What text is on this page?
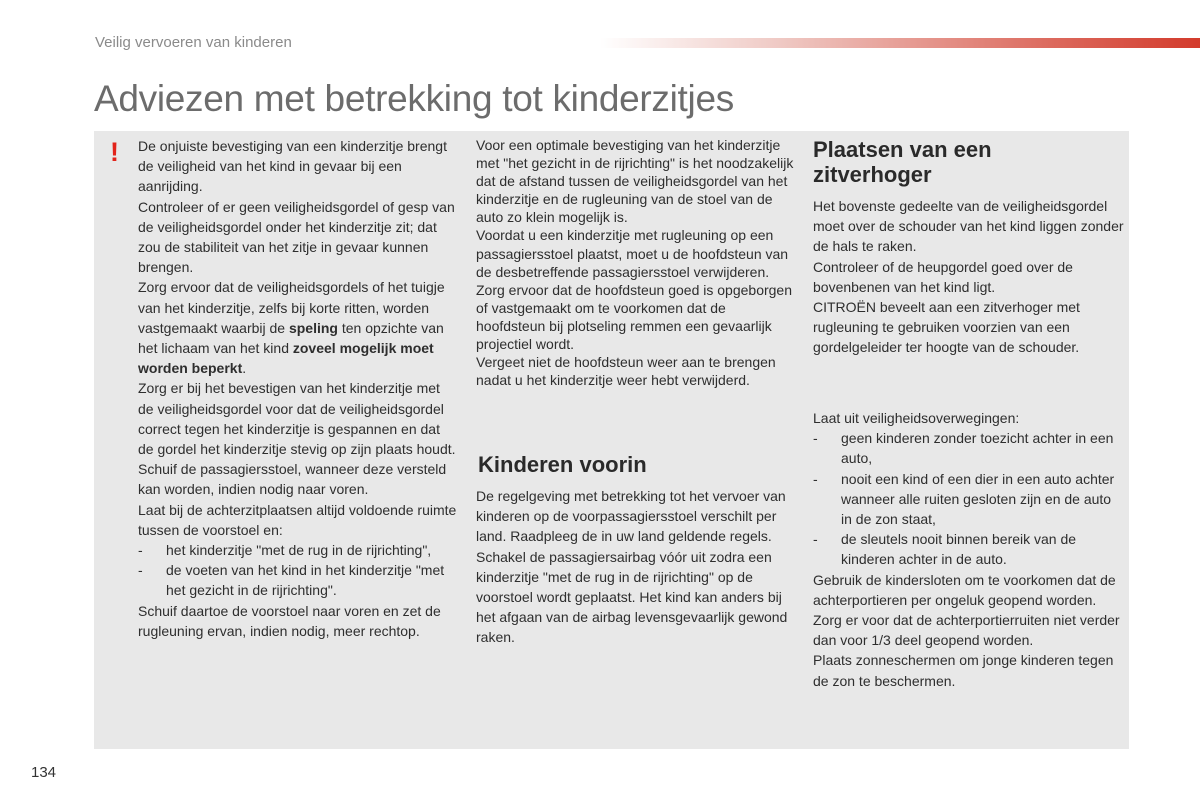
Veilig vervoeren van kinderen
Adviezen met betrekking tot kinderzitjes
! De onjuiste bevestiging van een kinderzitje brengt de veiligheid van het kind in gevaar bij een aanrijding.

Controleer of er geen veiligheidsgordel of gesp van de veiligheidsgordel onder het kinderzitje zit; dat zou de stabiliteit van het zitje in gevaar kunnen brengen.

Zorg ervoor dat de veiligheidsgordels of het tuigje van het kinderzitje, zelfs bij korte ritten, worden vastgemaakt waarbij de speling ten opzichte van het lichaam van het kind zoveel mogelijk moet worden beperkt.

Zorg er bij het bevestigen van het kinderzitje met de veiligheidsgordel voor dat de veiligheidsgordel correct tegen het kinderzitje is gespannen en dat de gordel het kinderzitje stevig op zijn plaats houdt. Schuif de passagiersstoel, wanneer deze versteld kan worden, indien nodig naar voren.

Laat bij de achterzitplaatsen altijd voldoende ruimte tussen de voorstoel en:

-	het kinderzitje "met de rug in de rijrichting",
-	de voeten van het kind in het kinderzitje "met het gezicht in de rijrichting".

Schuif daartoe de voorstoel naar voren en zet de rugleuning ervan, indien nodig, meer rechtop.

Voor een optimale bevestiging van het kinderzitje met "het gezicht in de rijrichting" is het noodzakelijk dat de afstand tussen de veiligheidsgordel van het kinderzitje en de rugleuning van de stoel van de auto zo klein mogelijk is.

Voordat u een kinderzitje met rugleuning op een passagiersstoel plaatst, moet u de hoofdsteun van de desbetreffende passagiersstoel verwijderen.

Zorg ervoor dat de hoofdsteun goed is opgeborgen of vastgemaakt om te voorkomen dat de hoofdsteun bij plotseling remmen een gevaarlijk projectiel wordt.

Vergeet niet de hoofdsteun weer aan te brengen nadat u het kinderzitje weer hebt verwijderd.

Kinderen voorin

De regelgeving met betrekking tot het vervoer van kinderen op de voorpassagiersstoel verschilt per land. Raadpleeg de in uw land geldende regels.

Schakel de passagiersairbag vóór uit zodra een kinderzitje "met de rug in de rijrichting" op de voorstoel wordt geplaatst. Het kind kan anders bij het afgaan van de airbag levensgevaarlijk gewond raken.

Plaatsen van een zitverhoger

Het bovenste gedeelte van de veiligheidsgordel moet over de schouder van het kind liggen zonder de hals te raken.

Controleer of de heupgordel goed over de bovenbenen van het kind ligt.

CITROËN beveelt aan een zitverhoger met rugleuning te gebruiken voorzien van een gordelgeleider ter hoogte van de schouder.

Laat uit veiligheidsoverwegingen:

-	geen kinderen zonder toezicht achter in een auto,
-	nooit een kind of een dier in een auto achter wanneer alle ruiten gesloten zijn en de auto in de zon staat,
-	de sleutels nooit binnen bereik van de kinderen achter in de auto.

Gebruik de kindersloten om te voorkomen dat de achterportieren per ongeluk geopend worden.

Zorg er voor dat de achterportierruiten niet verder dan voor 1/3 deel geopend worden.

Plaats zonneschermen om jonge kinderen tegen de zon te beschermen.

134
